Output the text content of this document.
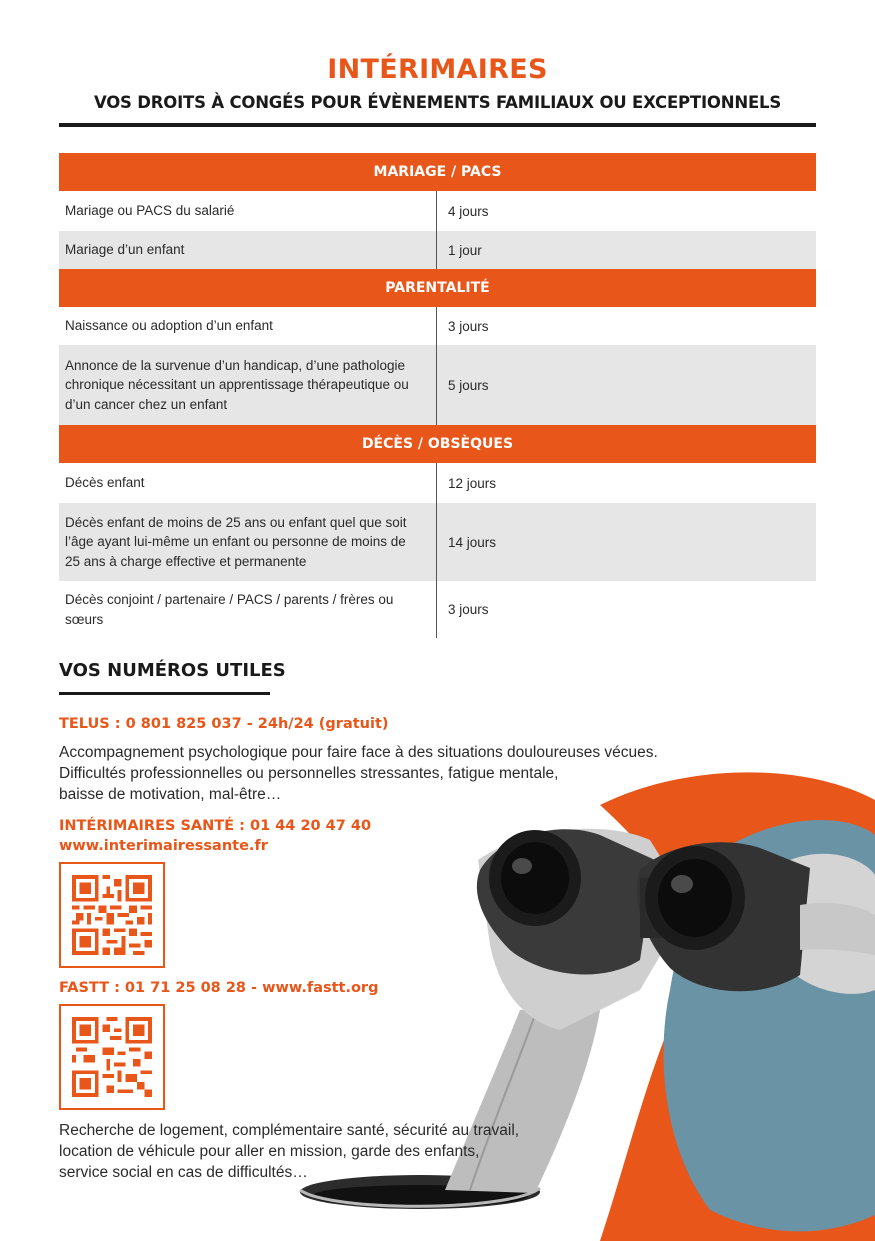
INTÉRIMAIRES
VOS DROITS À CONGÉS POUR ÉVÈNEMENTS FAMILIAUX OU EXCEPTIONNELS
MARIAGE / PACS
Mariage ou PACS du salarié	4 jours
Mariage d’un enfant	1 jour
PARENTALITÉ
Naissance ou adoption d’un enfant	3 jours
Annonce de la survenue d’un handicap, d’une pathologie
chronique nécessitant un apprentissage thérapeutique ou
d’un cancer chez un enfant
5 jours
DÉCÈS / OBSÈQUES
Décès enfant	12 jours
Décès enfant de moins de 25 ans ou enfant quel que soit
l’âge ayant lui-même un enfant ou personne de moins de
25 ans à charge effective et permanente
14 jours
Décès conjoint / partenaire / PACS / parents / frères ou
sœurs
3 jours
VOS NUMÉROS UTILES
TELUS : 0 801 825 037 - 24h/24 (gratuit)
Accompagnement psychologique pour faire face à des situations douloureuses vécues.
Difficultés professionnelles ou personnelles stressantes, fatigue mentale,
baisse de motivation, mal-être…
INTÉRIMAIRES SANTÉ : 01 44 20 47 40
www.interimairessante.fr
FASTT : 01 71 25 08 28 - www.fastt.org
Recherche de logement, complémentaire santé, sécurité au travail,
location de véhicule pour aller en mission, garde des enfants,
service social en cas de difficultés…
